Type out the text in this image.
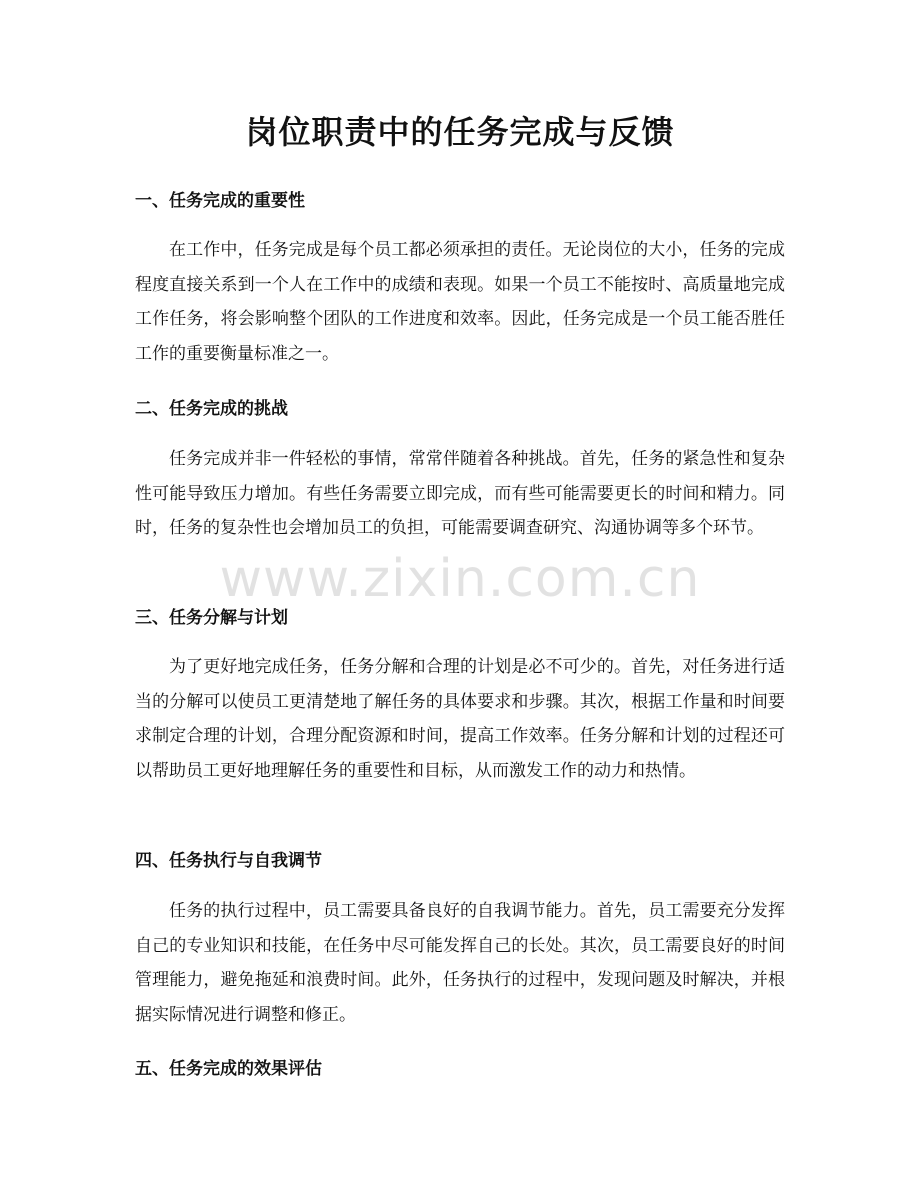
岗位职责中的任务完成与反馈
一、任务完成的重要性

在工作中，任务完成是每个员工都必须承担的责任。无论岗位的大小，任务的完成程度直接关系到一个人在工作中的成绩和表现。如果一个员工不能按时、高质量地完成工作任务，将会影响整个团队的工作进度和效率。因此，任务完成是一个员工能否胜任工作的重要衡量标准之一。

二、任务完成的挑战

任务完成并非一件轻松的事情，常常伴随着各种挑战。首先，任务的紧急性和复杂性可能导致压力增加。有些任务需要立即完成，而有些可能需要更长的时间和精力。同时，任务的复杂性也会增加员工的负担，可能需要调查研究、沟通协调等多个环节。

三、任务分解与计划

为了更好地完成任务，任务分解和合理的计划是必不可少的。首先，对任务进行适当的分解可以使员工更清楚地了解任务的具体要求和步骤。其次，根据工作量和时间要求制定合理的计划，合理分配资源和时间，提高工作效率。任务分解和计划的过程还可以帮助员工更好地理解任务的重要性和目标，从而激发工作的动力和热情。

四、任务执行与自我调节

任务的执行过程中，员工需要具备良好的自我调节能力。首先，员工需要充分发挥自己的专业知识和技能，在任务中尽可能发挥自己的长处。其次，员工需要良好的时间管理能力，避免拖延和浪费时间。此外，任务执行的过程中，发现问题及时解决，并根据实际情况进行调整和修正。

五、任务完成的效果评估
www.zixin.com.cn
